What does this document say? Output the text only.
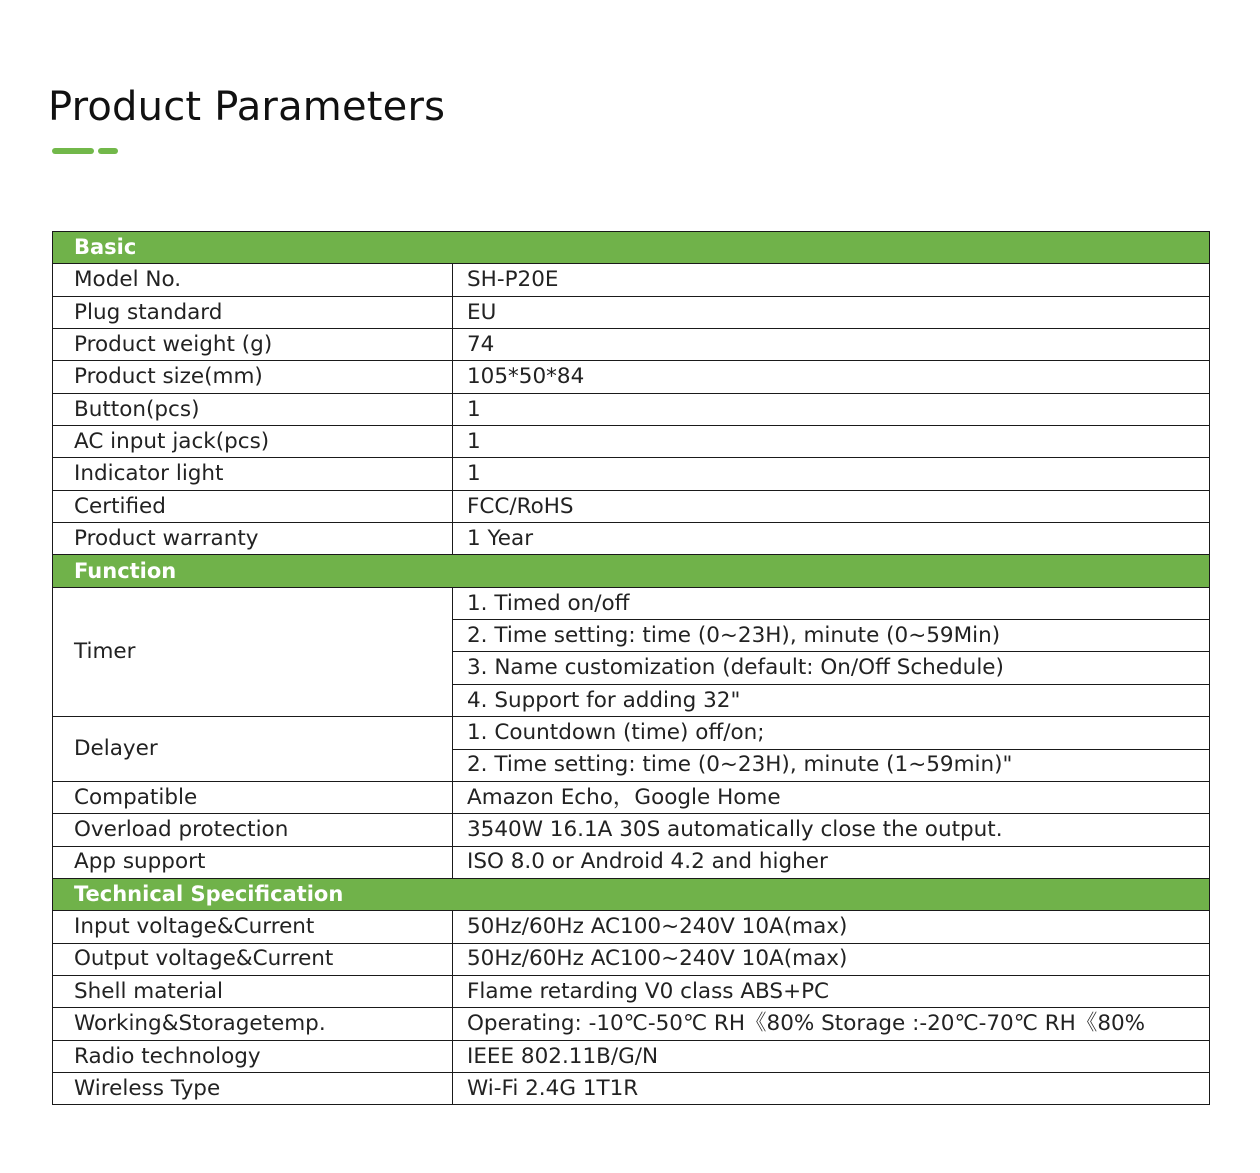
Product Parameters
Basic	
Model No.	SH-P20E
Plug standard	EU
Product weight (g)	74
Product size(mm)	105*50*84
Button(pcs)	1
AC input jack(pcs)	1
Indicator light	1
Certified	FCC/RoHS
Product warranty	1 Year
Function	
Timer	1. Timed on/off
	2. Time setting: time (0~23H), minute (0~59Min)
	3. Name customization (default: On/Off Schedule)
	4. Support for adding 32"
Delayer	1. Countdown (time) off/on;
	2. Time setting: time (0~23H), minute (1~59min)"
Compatible	Amazon Echo，Google Home
Overload protection	3540W 16.1A 30S automatically close the output.
App support	ISO 8.0 or Android 4.2 and higher
Technical Specification	
Input voltage&Current	50Hz/60Hz AC100~240V 10A(max)
Output voltage&Current	50Hz/60Hz AC100~240V 10A(max)
Shell material	Flame retarding V0 class ABS+PC
Working&Storagetemp.	Operating: -10℃-50℃ RH《80% Storage :-20℃-70℃ RH《80%
Radio technology	IEEE 802.11B/G/N
Wireless Type	Wi-Fi 2.4G 1T1R
